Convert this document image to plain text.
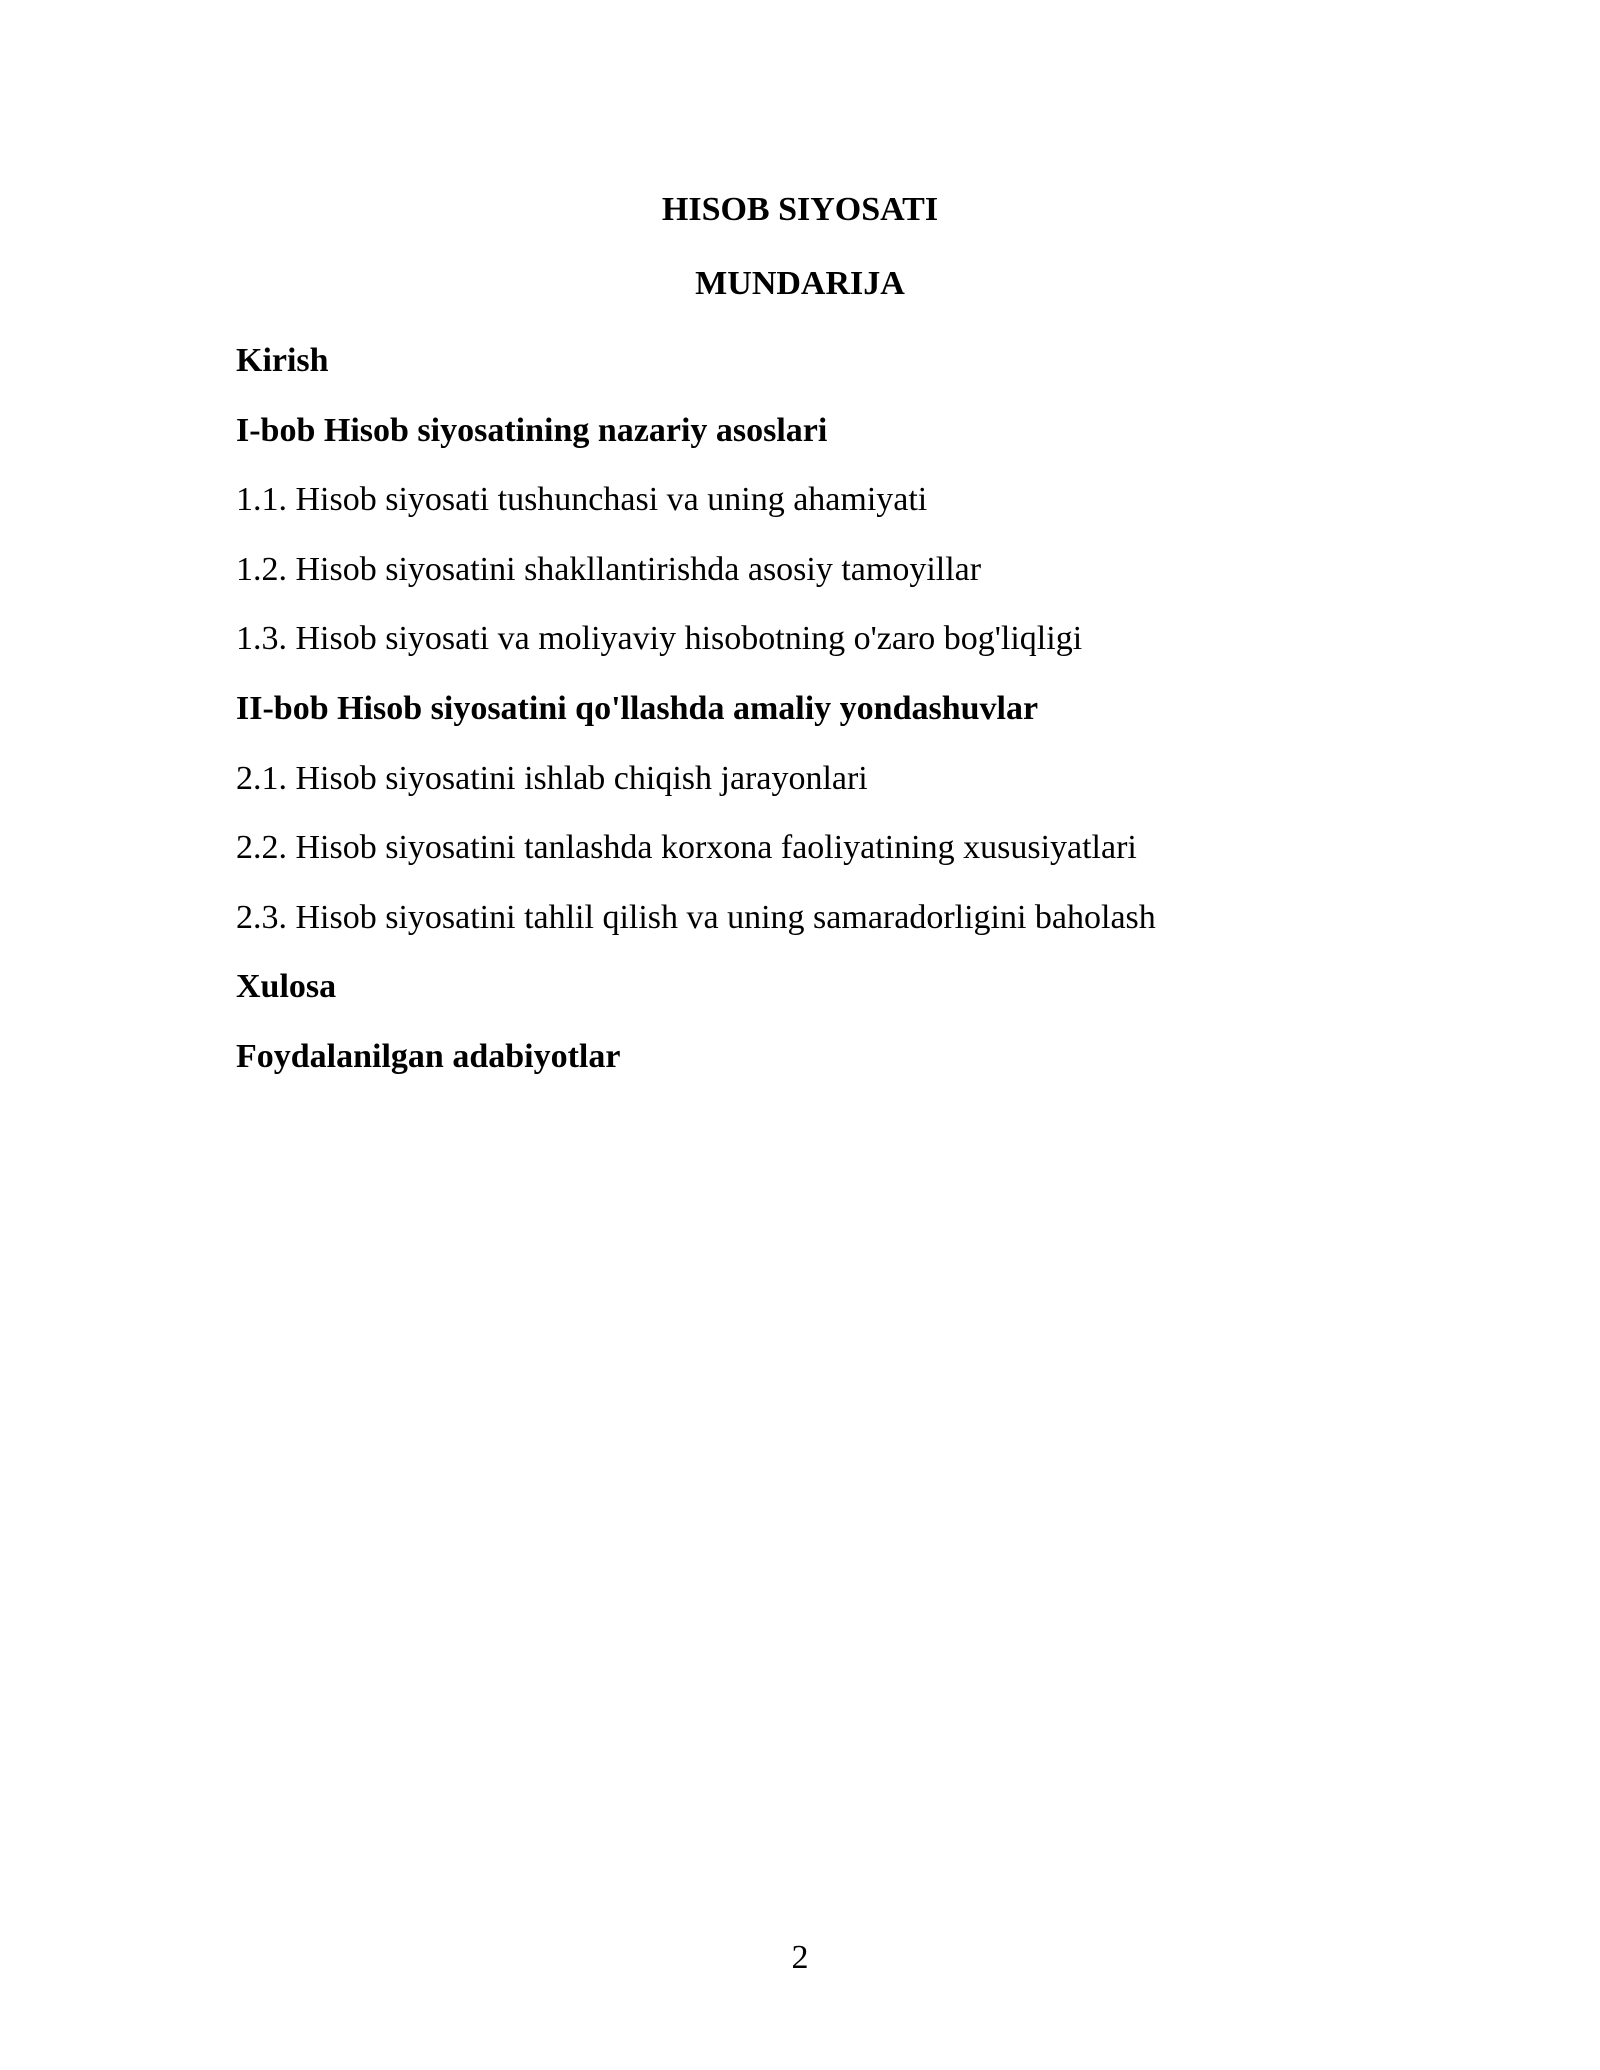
HISOB SIYOSATI
MUNDARIJA
Kirish
I-bob Hisob siyosatining nazariy asoslari
1.1. Hisob siyosati tushunchasi va uning ahamiyati
1.2. Hisob siyosatini shakllantirishda asosiy tamoyillar
1.3. Hisob siyosati va moliyaviy hisobotning o'zaro bog'liqligi
II-bob Hisob siyosatini qo'llashda amaliy yondashuvlar
2.1. Hisob siyosatini ishlab chiqish jarayonlari
2.2. Hisob siyosatini tanlashda korxona faoliyatining xususiyatlari
2.3. Hisob siyosatini tahlil qilish va uning samaradorligini baholash
Xulosa
Foydalanilgan adabiyotlar
2
